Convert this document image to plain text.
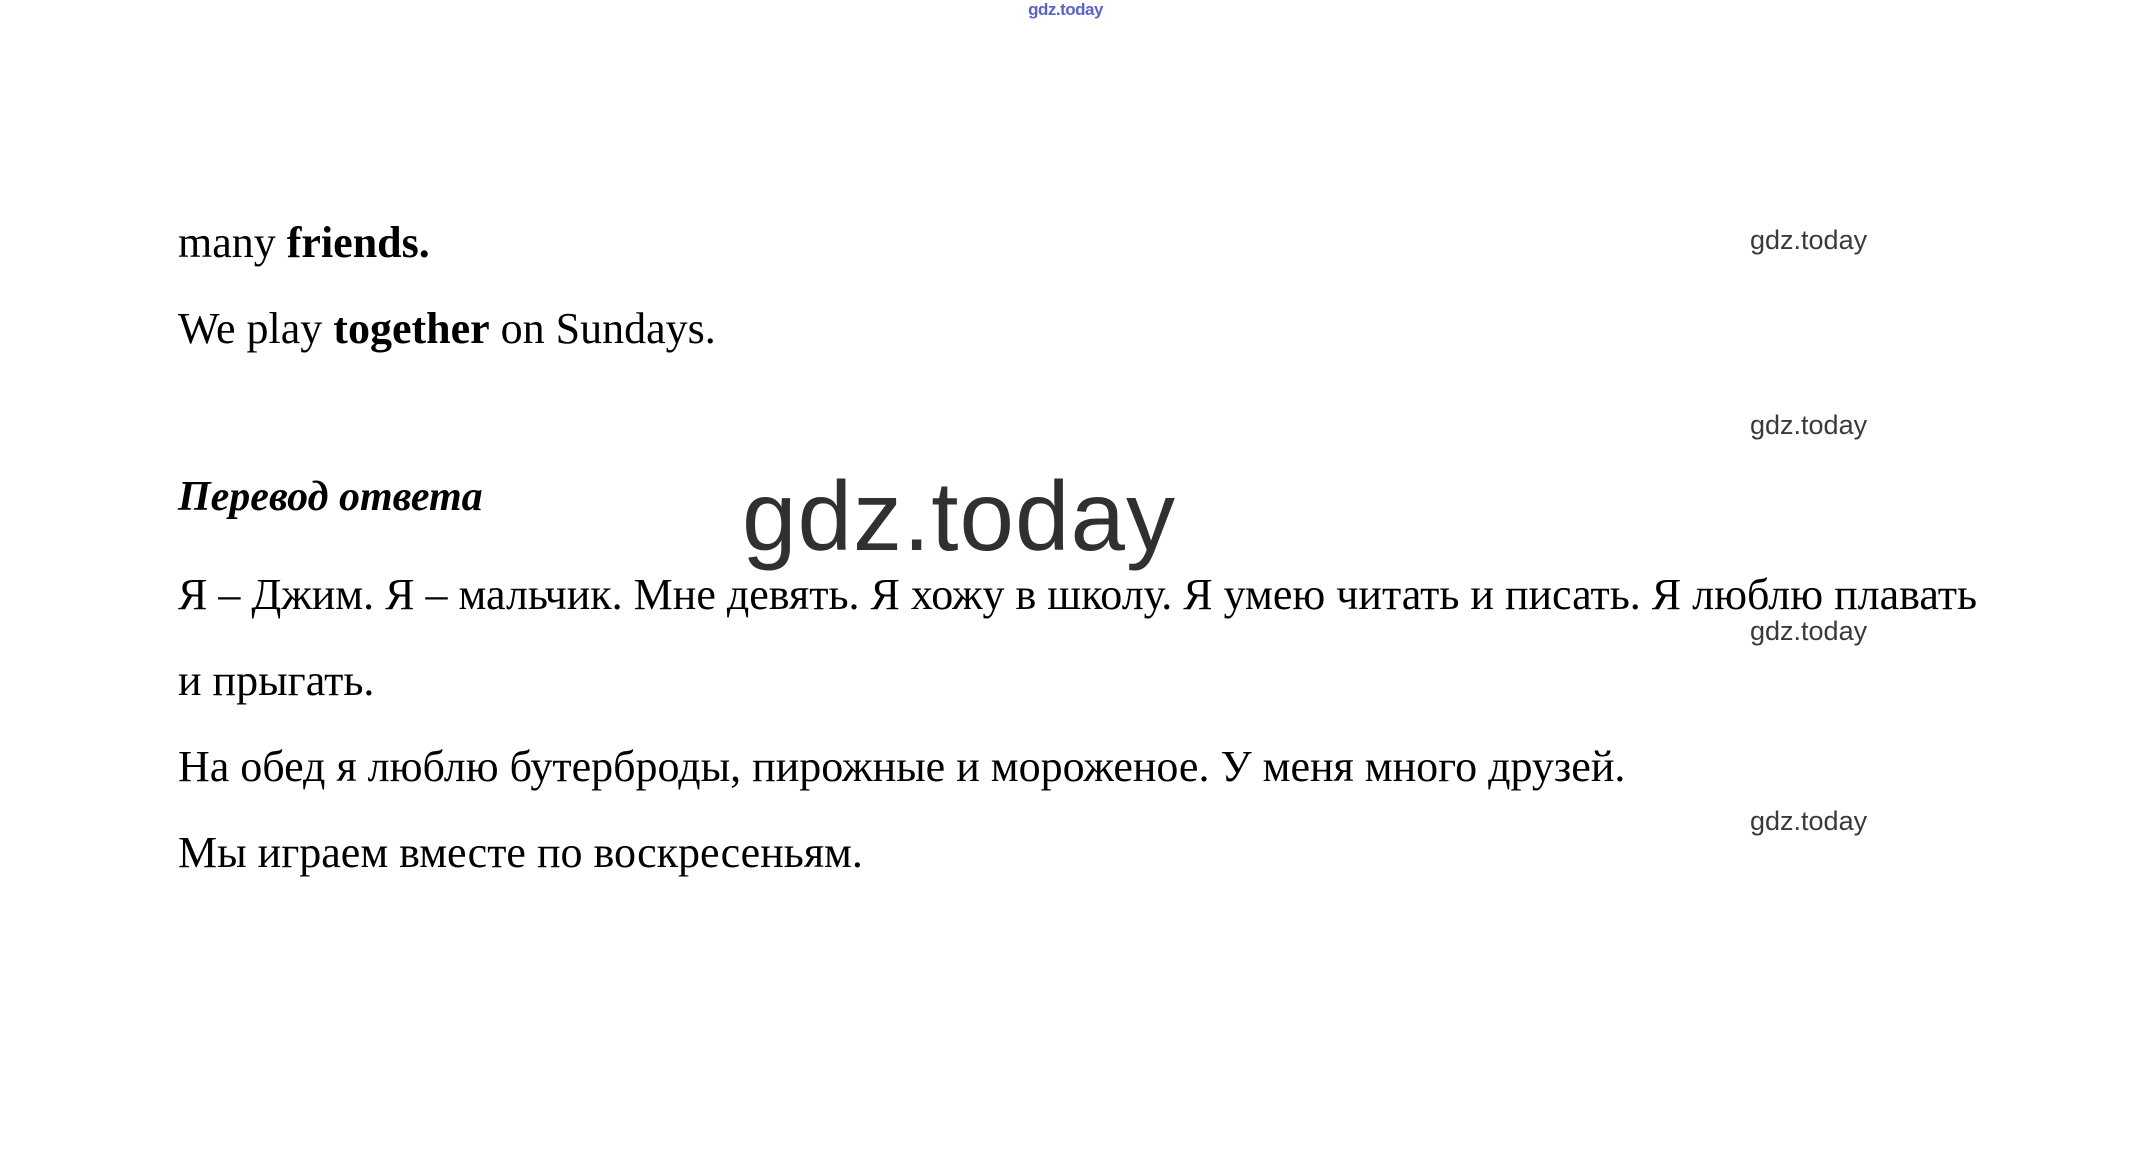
gdz.today
many friends.
We play together on Sundays.
Перевод ответа
Я – Джим. Я – мальчик. Мне девять. Я хожу в школу. Я умею читать и писать. Я люблю плавать и прыгать.
На обед я люблю бутерброды, пирожные и мороженое. У меня много друзей.
Мы играем вместе по воскресеньям.
gdz.today
gdz.today
gdz.today
gdz.today
gdz.today
